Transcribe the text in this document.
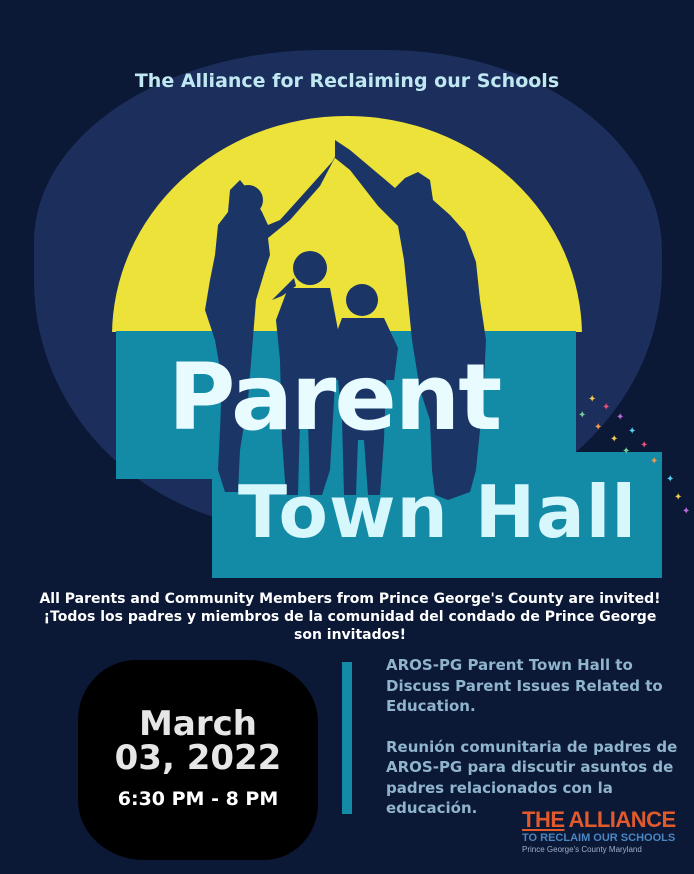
The Alliance for Reclaiming our Schools
✦
✦
✦	✦
✦	✦
✦
✦
✦
✦
✦
✦
✦
Parent
Town Hall
All Parents and Community Members from Prince George's County are invited!
¡Todos los padres y miembros de la comunidad del condado de Prince George son invitados!
March
03, 2022
6:30 PM - 8 PM

AROS-PG Parent Town Hall to Discuss Parent Issues Related to Education.

Reunión comunitaria de padres de AROS-PG para discutir asuntos de padres relacionados con la educación.	THE ALLIANCE
TO RECLAIM OUR SCHOOLS
Prince George's County Maryland
